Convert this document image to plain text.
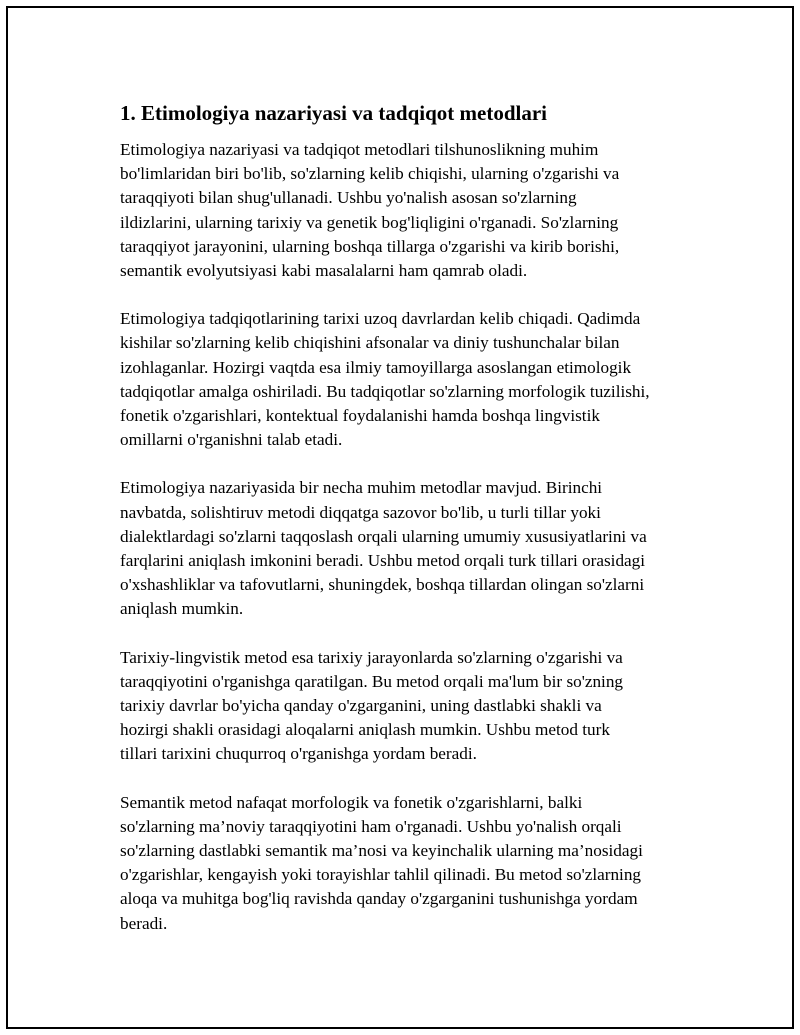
1. Etimologiya nazariyasi va tadqiqot metodlari

Etimologiya nazariyasi va tadqiqot metodlari tilshunoslikning muhim
bo'limlaridan biri bo'lib, so'zlarning kelib chiqishi, ularning o'zgarishi va
taraqqiyoti bilan shug'ullanadi. Ushbu yo'nalish asosan so'zlarning
ildizlarini, ularning tarixiy va genetik bog'liqligini o'rganadi. So'zlarning
taraqqiyot jarayonini, ularning boshqa tillarga o'zgarishi va kirib borishi,
semantik evolyutsiyasi kabi masalalarni ham qamrab oladi.

Etimologiya tadqiqotlarining tarixi uzoq davrlardan kelib chiqadi. Qadimda
kishilar so'zlarning kelib chiqishini afsonalar va diniy tushunchalar bilan
izohlaganlar. Hozirgi vaqtda esa ilmiy tamoyillarga asoslangan etimologik
tadqiqotlar amalga oshiriladi. Bu tadqiqotlar so'zlarning morfologik tuzilishi,
fonetik o'zgarishlari, kontektual foydalanishi hamda boshqa lingvistik
omillarni o'rganishni talab etadi.

Etimologiya nazariyasida bir necha muhim metodlar mavjud. Birinchi
navbatda, solishtiruv metodi diqqatga sazovor bo'lib, u turli tillar yoki
dialektlardagi so'zlarni taqqoslash orqali ularning umumiy xususiyatlarini va
farqlarini aniqlash imkonini beradi. Ushbu metod orqali turk tillari orasidagi
o'xshashliklar va tafovutlarni, shuningdek, boshqa tillardan olingan so'zlarni
aniqlash mumkin.

Tarixiy-lingvistik metod esa tarixiy jarayonlarda so'zlarning o'zgarishi va
taraqqiyotini o'rganishga qaratilgan. Bu metod orqali ma'lum bir so'zning
tarixiy davrlar bo'yicha qanday o'zgarganini, uning dastlabki shakli va
hozirgi shakli orasidagi aloqalarni aniqlash mumkin. Ushbu metod turk
tillari tarixini chuqurroq o'rganishga yordam beradi.

Semantik metod nafaqat morfologik va fonetik o'zgarishlarni, balki
so'zlarning ma’noviy taraqqiyotini ham o'rganadi. Ushbu yo'nalish orqali
so'zlarning dastlabki semantik ma’nosi va keyinchalik ularning ma’nosidagi
o'zgarishlar, kengayish yoki torayishlar tahlil qilinadi. Bu metod so'zlarning
aloqa va muhitga bog'liq ravishda qanday o'zgarganini tushunishga yordam
beradi.
